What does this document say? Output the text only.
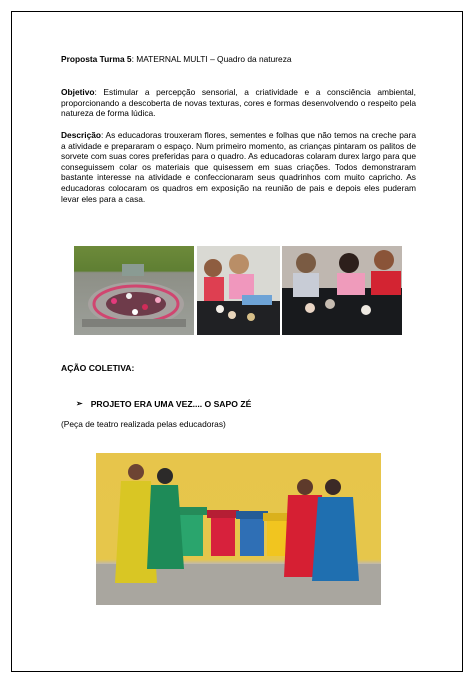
Proposta Turma 5: MATERNAL MULTI – Quadro da natureza
Objetivo: Estimular a percepção sensorial, a criatividade e a consciência ambiental, proporcionando a descoberta de novas texturas, cores e formas desenvolvendo o respeito pela natureza de forma lúdica.
Descrição: As educadoras trouxeram flores, sementes e folhas que não temos na creche para a atividade e prepararam o espaço. Num primeiro momento, as crianças pintaram os palitos de sorvete com suas cores preferidas para o quadro. As educadoras colaram durex largo para que conseguissem colar os materiais que quisessem em suas criações. Todos demonstraram bastante interesse na atividade e confeccionaram seus quadrinhos com muito capricho. As educadoras colocaram os quadros em exposição na reunião de pais e depois eles puderam levar eles para a casa.
AÇÃO COLETIVA:
➢ PROJETO ERA UMA VEZ.... O SAPO ZÉ
(Peça de teatro realizada pelas educadoras)
